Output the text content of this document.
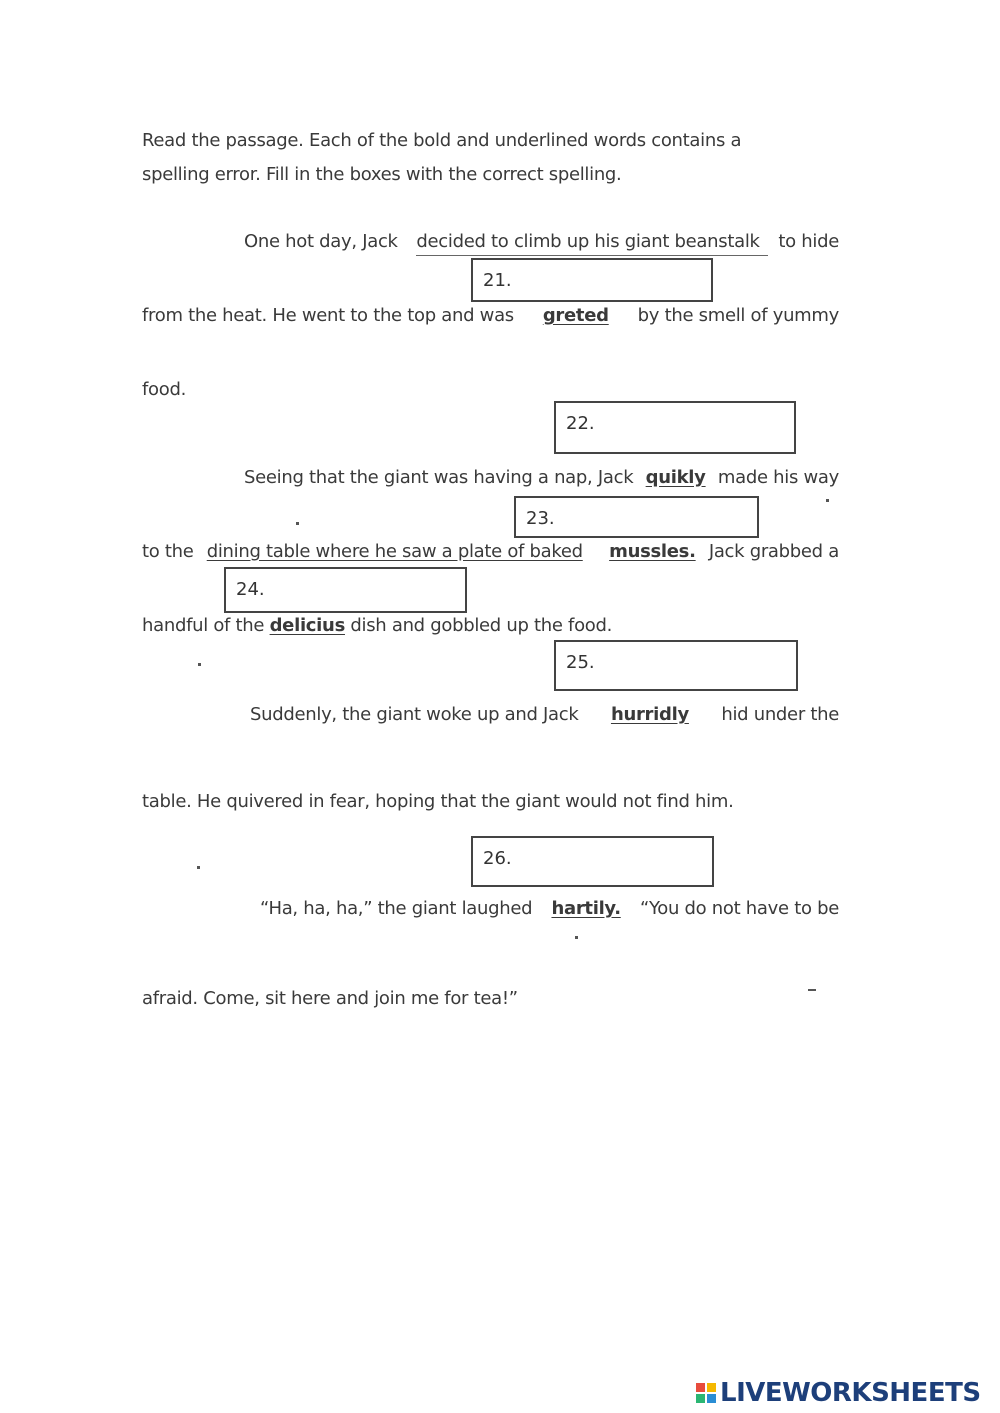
Read the passage. Each of the bold and underlined words contains a
spelling error. Fill in the boxes with the correct spelling.
One hot day, Jack decided to climb up his giant beanstalk to hide
21.
from the heat. He went to the top and was greted by the smell of yummy
food.
22.
Seeing that the giant was having a nap, Jack quikly made his way
23.
to the dining table where he saw a plate of baked mussles. Jack grabbed a
24.
handful of the delicius dish and gobbled up the food.
25.
Suddenly, the giant woke up and Jack hurridly hid under the
table. He quivered in fear, hoping that the giant would not find him.
26.
“Ha, ha, ha,” the giant laughed hartily. “You do not have to be
afraid. Come, sit here and join me for tea!”
LIVEWORKSHEETS
